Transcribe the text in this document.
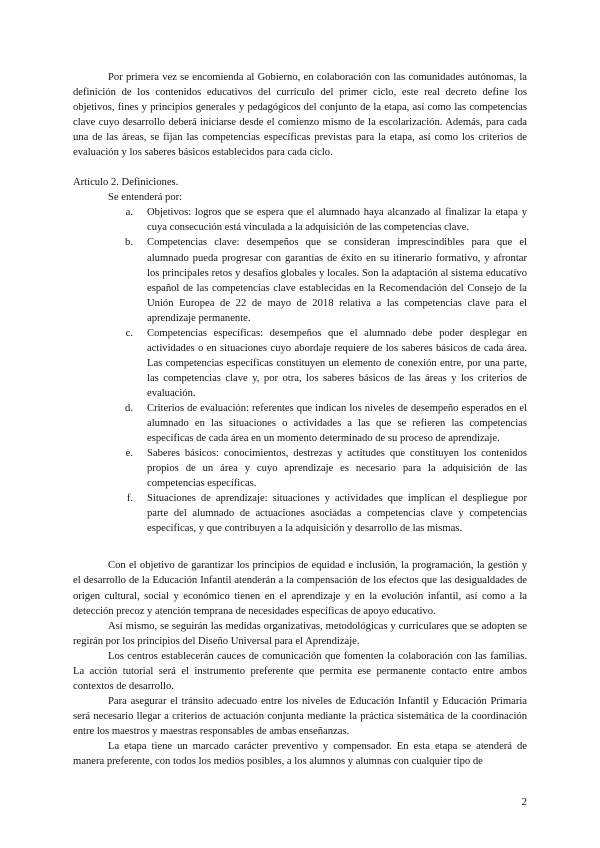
Por primera vez se encomienda al Gobierno, en colaboración con las comunidades autónomas, la definición de los contenidos educativos del currículo del primer ciclo, este real decreto define los objetivos, fines y principios generales y pedagógicos del conjunto de la etapa, así como las competencias clave cuyo desarrollo deberá iniciarse desde el comienzo mismo de la escolarización. Además, para cada una de las áreas, se fijan las competencias específicas previstas para la etapa, así como los criterios de evaluación y los saberes básicos establecidos para cada ciclo.

Artículo 2. Definiciones.

Se entenderá por:

a.	Objetivos: logros que se espera que el alumnado haya alcanzado al finalizar la etapa y cuya consecución está vinculada a la adquisición de las competencias clave.
b.	Competencias clave: desempeños que se consideran imprescindibles para que el alumnado pueda progresar con garantías de éxito en su itinerario formativo, y afrontar los principales retos y desafíos globales y locales. Son la adaptación al sistema educativo español de las competencias clave establecidas en la Recomendación del Consejo de la Unión Europea de 22 de mayo de 2018 relativa a las competencias clave para el aprendizaje permanente.
c.	Competencias específicas: desempeños que el alumnado debe poder desplegar en actividades o en situaciones cuyo abordaje requiere de los saberes básicos de cada área. Las competencias específicas constituyen un elemento de conexión entre, por una parte, las competencias clave y, por otra, los saberes básicos de las áreas y los criterios de evaluación.
d.	Criterios de evaluación: referentes que indican los niveles de desempeño esperados en el alumnado en las situaciones o actividades a las que se refieren las competencias específicas de cada área en un momento determinado de su proceso de aprendizaje.
e.	Saberes básicos: conocimientos, destrezas y actitudes que constituyen los contenidos propios de un área y cuyo aprendizaje es necesario para la adquisición de las competencias específicas.
f.	Situaciones de aprendizaje: situaciones y actividades que implican el despliegue por parte del alumnado de actuaciones asociadas a competencias clave y competencias específicas, y que contribuyen a la adquisición y desarrollo de las mismas.

Con el objetivo de garantizar los principios de equidad e inclusión, la programación, la gestión y el desarrollo de la Educación Infantil atenderán a la compensación de los efectos que las desigualdades de origen cultural, social y económico tienen en el aprendizaje y en la evolución infantil, así como a la detección precoz y atención temprana de necesidades específicas de apoyo educativo.

Así mismo, se seguirán las medidas organizativas, metodológicas y curriculares que se adopten se regirán por los principios del Diseño Universal para el Aprendizaje.

Los centros establecerán cauces de comunicación que fomenten la colaboración con las familias. La acción tutorial será el instrumento preferente que permita ese permanente contacto entre ambos contextos de desarrollo.

Para asegurar el tránsito adecuado entre los niveles de Educación Infantil y Educación Primaria será necesario llegar a criterios de actuación conjunta mediante la práctica sistemática de la coordinación entre los maestros y maestras responsables de ambas enseñanzas.

La etapa tiene un marcado carácter preventivo y compensador. En esta etapa se atenderá de manera preferente, con todos los medios posibles, a los alumnos y alumnas con cualquier tipo de

2
